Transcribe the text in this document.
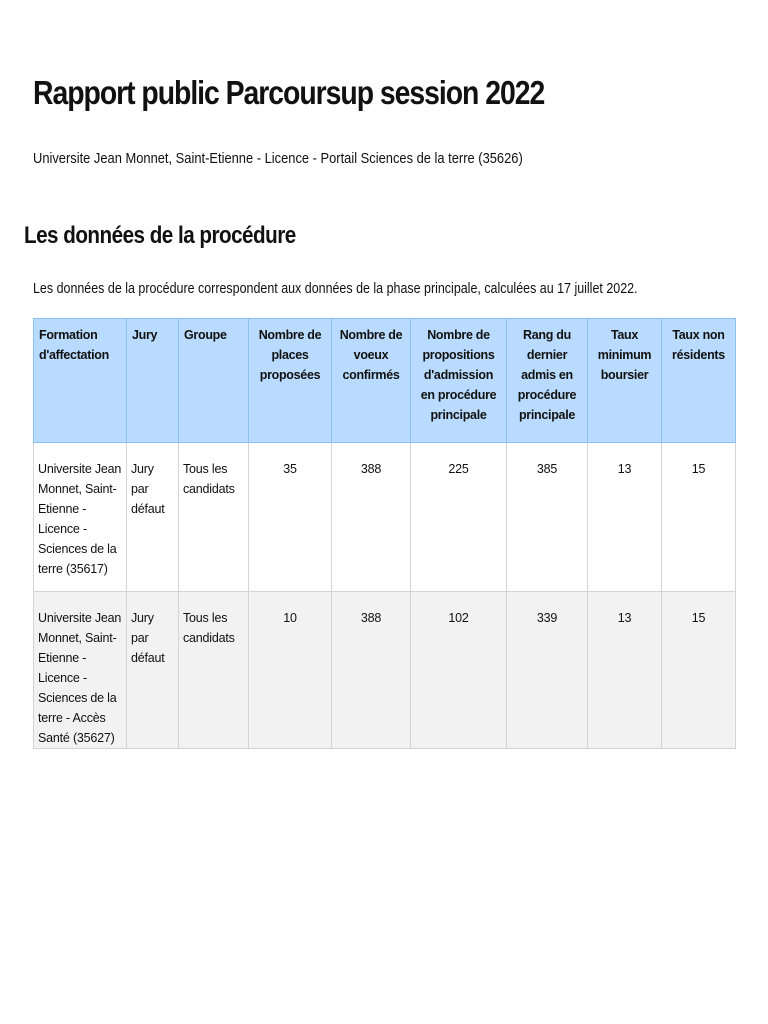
Rapport public Parcoursup session 2022

Universite Jean Monnet, Saint-Etienne - Licence - Portail Sciences de la terre (35626)

Les données de la procédure

Les données de la procédure correspondent aux données de la phase principale, calculées au 17 juillet 2022.

Formation d'affectation	Jury	Groupe	Nombre de places proposées	Nombre de voeux confirmés	Nombre de propositions d'admission en procédure principale	Rang du dernier admis en procédure principale	Taux minimum boursier	Taux non résidents
Universite Jean Monnet, Saint-Etienne - Licence - Sciences de la terre (35617)	Jury par défaut	Tous les candidats	35	388	225	385	13	15
Universite Jean Monnet, Saint-Etienne - Licence - Sciences de la terre - Accès Santé (35627)	Jury par défaut	Tous les candidats	10	388	102	339	13	15
